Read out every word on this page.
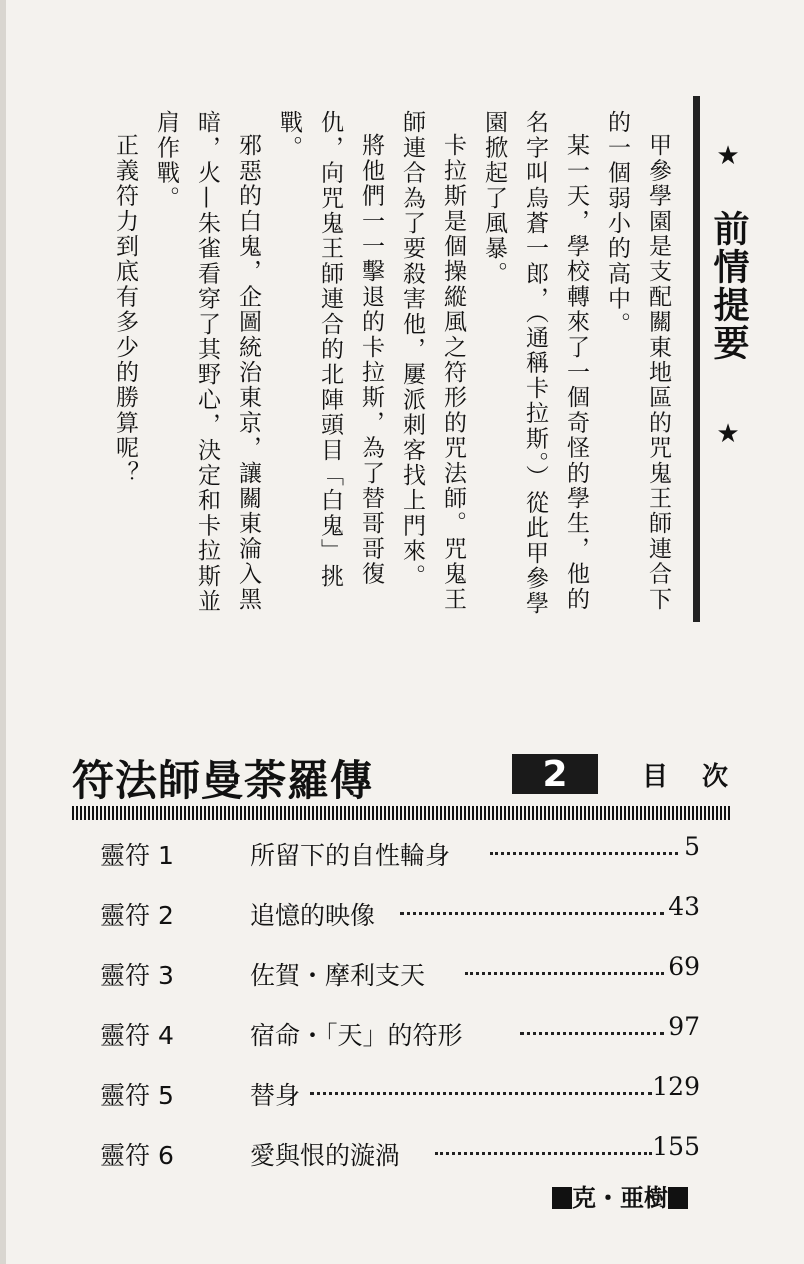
★
前情提要
★

甲參學園是支配關東地區的咒鬼王師連合下的一個弱小的高中。

某一天，學校轉來了一個奇怪的學生，他的名字叫烏蒼一郎，（通稱卡拉斯。）從此甲參學園掀起了風暴。

卡拉斯是個操縱風之符形的咒法師。咒鬼王師連合為了要殺害他，屢派刺客找上門來。

將他們一一擊退的卡拉斯，為了替哥哥復仇，向咒鬼王師連合的北陣頭目「白鬼」挑戰。

邪惡的白鬼，企圖統治東京，讓關東淪入黑暗，火—朱雀看穿了其野心，決定和卡拉斯並肩作戰。

正義符力到底有多少的勝算呢？

符法師曼荼羅傳	2	目次
靈符 1	所留下的自性輪身	5
靈符 2	追憶的映像	43
靈符 3	佐賀・摩利支天	69
靈符 4	宿命・「天」的符形	97
靈符 5	替身	129
靈符 6	愛與恨的漩渦	155
克・亜樹
